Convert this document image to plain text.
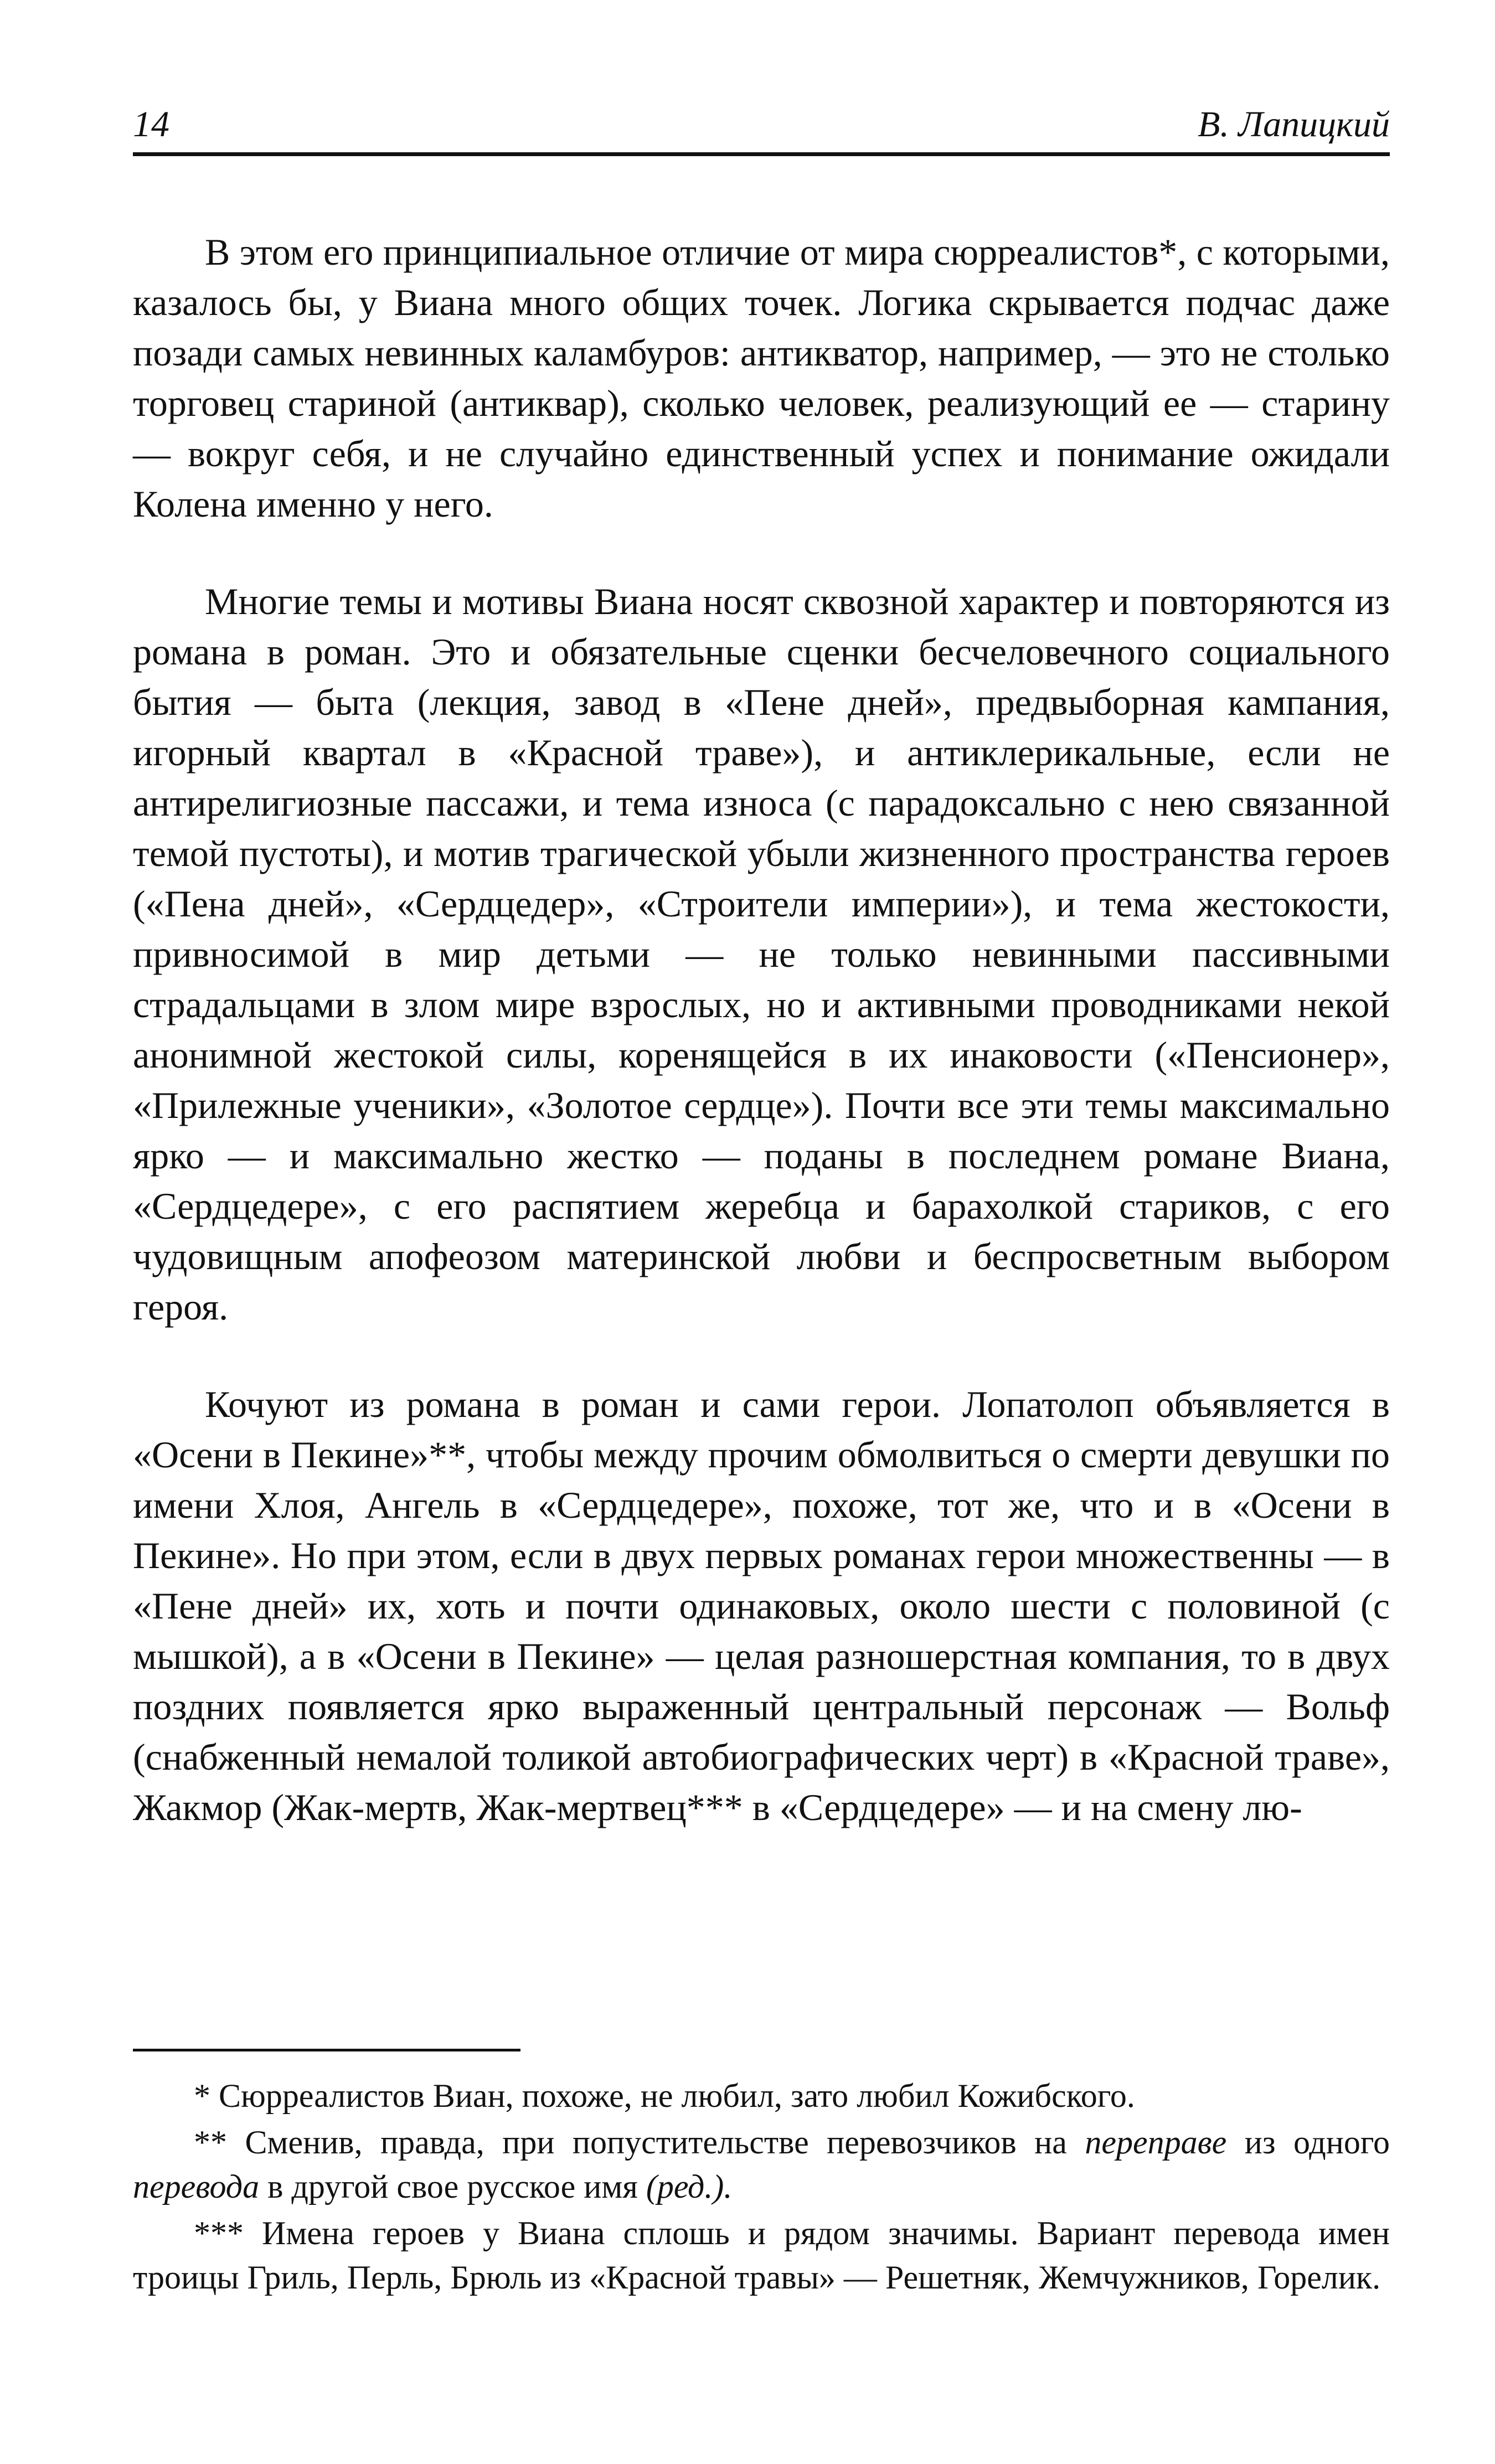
14	В. Лапицкий

В этом его принципиальное отличие от мира сюрреалистов*, с которыми, казалось бы, у Виана много общих точек. Логика скрывается подчас даже позади самых невинных каламбуров: антикватор, например, — это не столько торговец стариной (антиквар), сколько человек, реализующий ее — старину — вокруг себя, и не случайно единственный успех и понимание ожидали Колена именно у него.

Многие темы и мотивы Виана носят сквозной характер и повторяются из романа в роман. Это и обязательные сценки бесчеловечного социального бытия — быта (лекция, завод в «Пене дней», предвыборная кампания, игорный квартал в «Красной траве»), и антиклерикальные, если не антирелигиозные пассажи, и тема износа (с парадоксально с нею связанной темой пустоты), и мотив трагической убыли жизненного пространства героев («Пена дней», «Сердцедер», «Строители империи»), и тема жестокости, привносимой в мир детьми — не только невинными пассивными страдальцами в злом мире взрослых, но и активными проводниками некой анонимной жестокой силы, коренящейся в их инаковости («Пенсионер», «Прилежные ученики», «Золотое сердце»). Почти все эти темы максимально ярко — и максимально жестко — поданы в последнем романе Виана, «Сердцедере», с его распятием жеребца и барахолкой стариков, с его чудовищным апофеозом материнской любви и беспросветным выбором героя.

Кочуют из романа в роман и сами герои. Лопатолоп объявляется в «Осени в Пекине»**, чтобы между прочим обмолвиться о смерти девушки по имени Хлоя, Ангель в «Сердцедере», похоже, тот же, что и в «Осени в Пекине». Но при этом, если в двух первых романах герои множественны — в «Пене дней» их, хоть и почти одинаковых, около шести с половиной (с мышкой), а в «Осени в Пекине» — целая разношерстная компания, то в двух поздних появляется ярко выраженный центральный персонаж — Вольф (снабженный немалой толикой автобиографических черт) в «Красной траве», Жакмор (Жак-мертв, Жак-мертвец*** в «Сердцедере» — и на смену лю-

* Сюрреалистов Виан, похоже, не любил, зато любил Кожибского.

** Сменив, правда, при попустительстве перевозчиков на переправе из одного перевода в другой свое русское имя (ред.).

*** Имена героев у Виана сплошь и рядом значимы. Вариант перевода имен троицы Гриль, Перль, Брюль из «Красной травы» — Решетняк, Жемчужников, Горелик.
